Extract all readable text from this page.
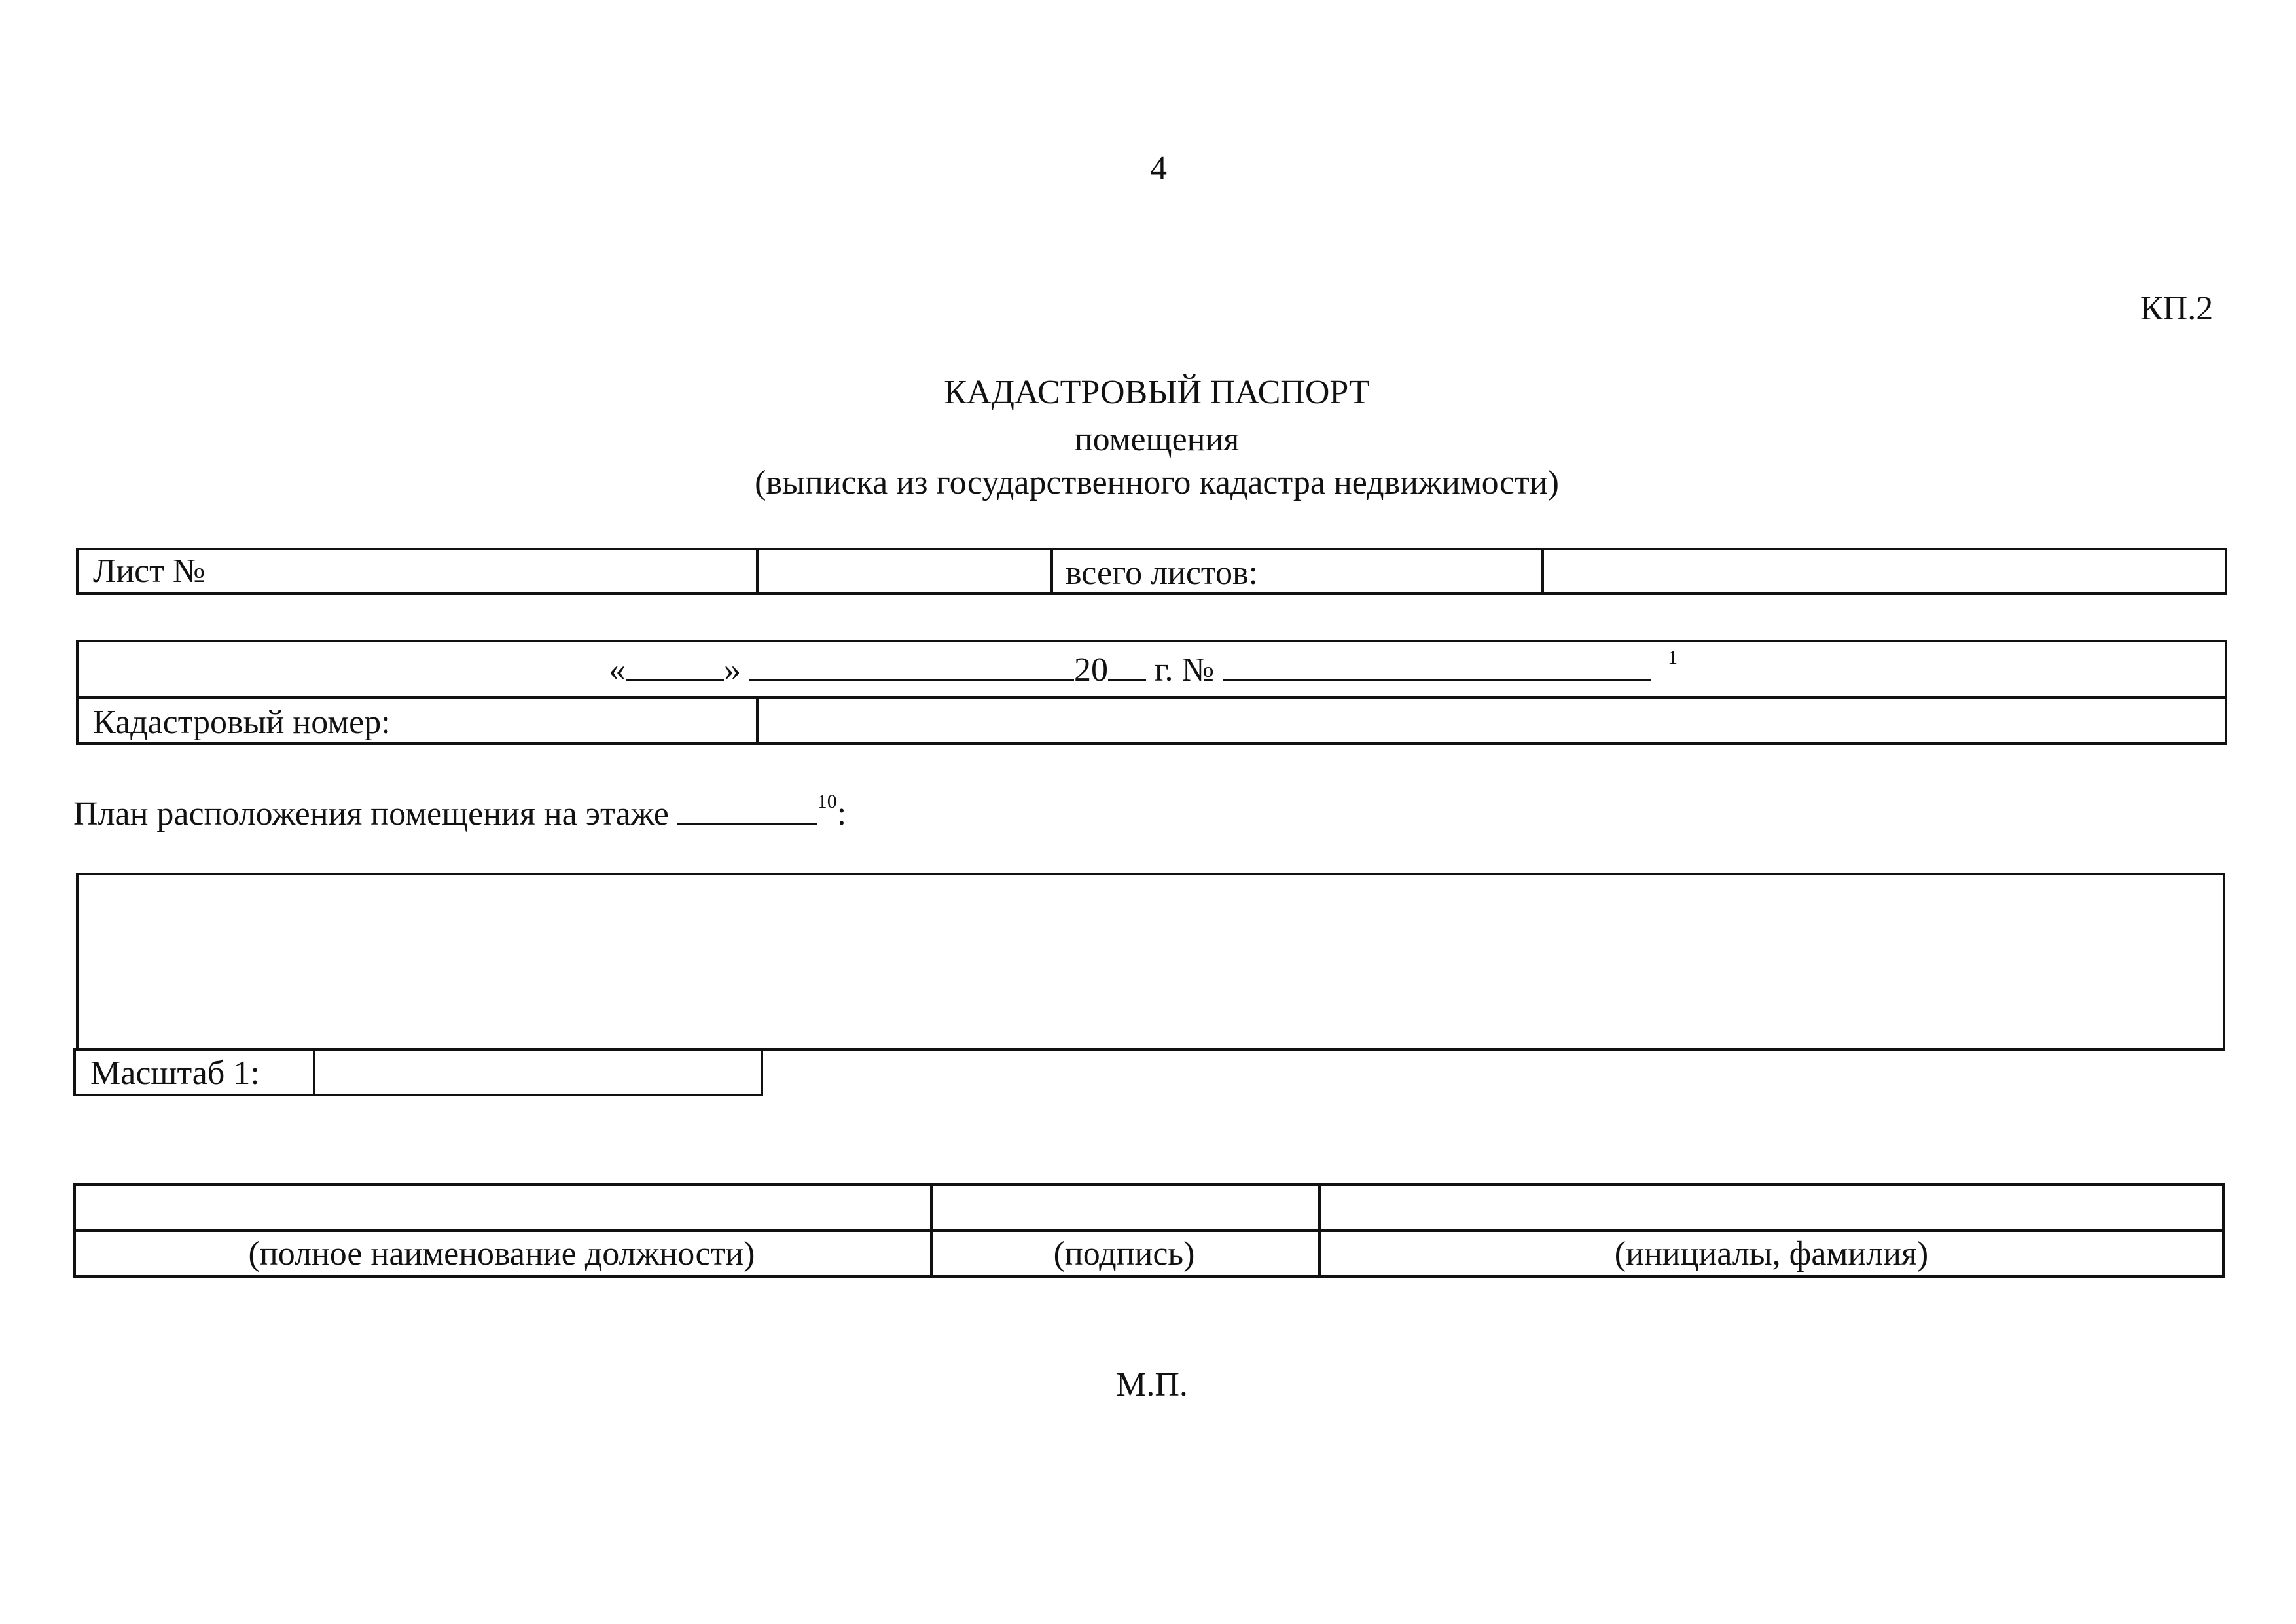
4
КП.2
КАДАСТРОВЫЙ ПАСПОРТ
помещения
(выписка из государственного кадастра недвижимости)
Лист №	всего листов:
«	»	20 г. №	$^1$
Кадастровый номер:
План расположения помещения на этаже	$^{10}$:
Масштаб 1:
(полное наименование должности)	(подпись)	(инициалы, фамилия)
М.П.
